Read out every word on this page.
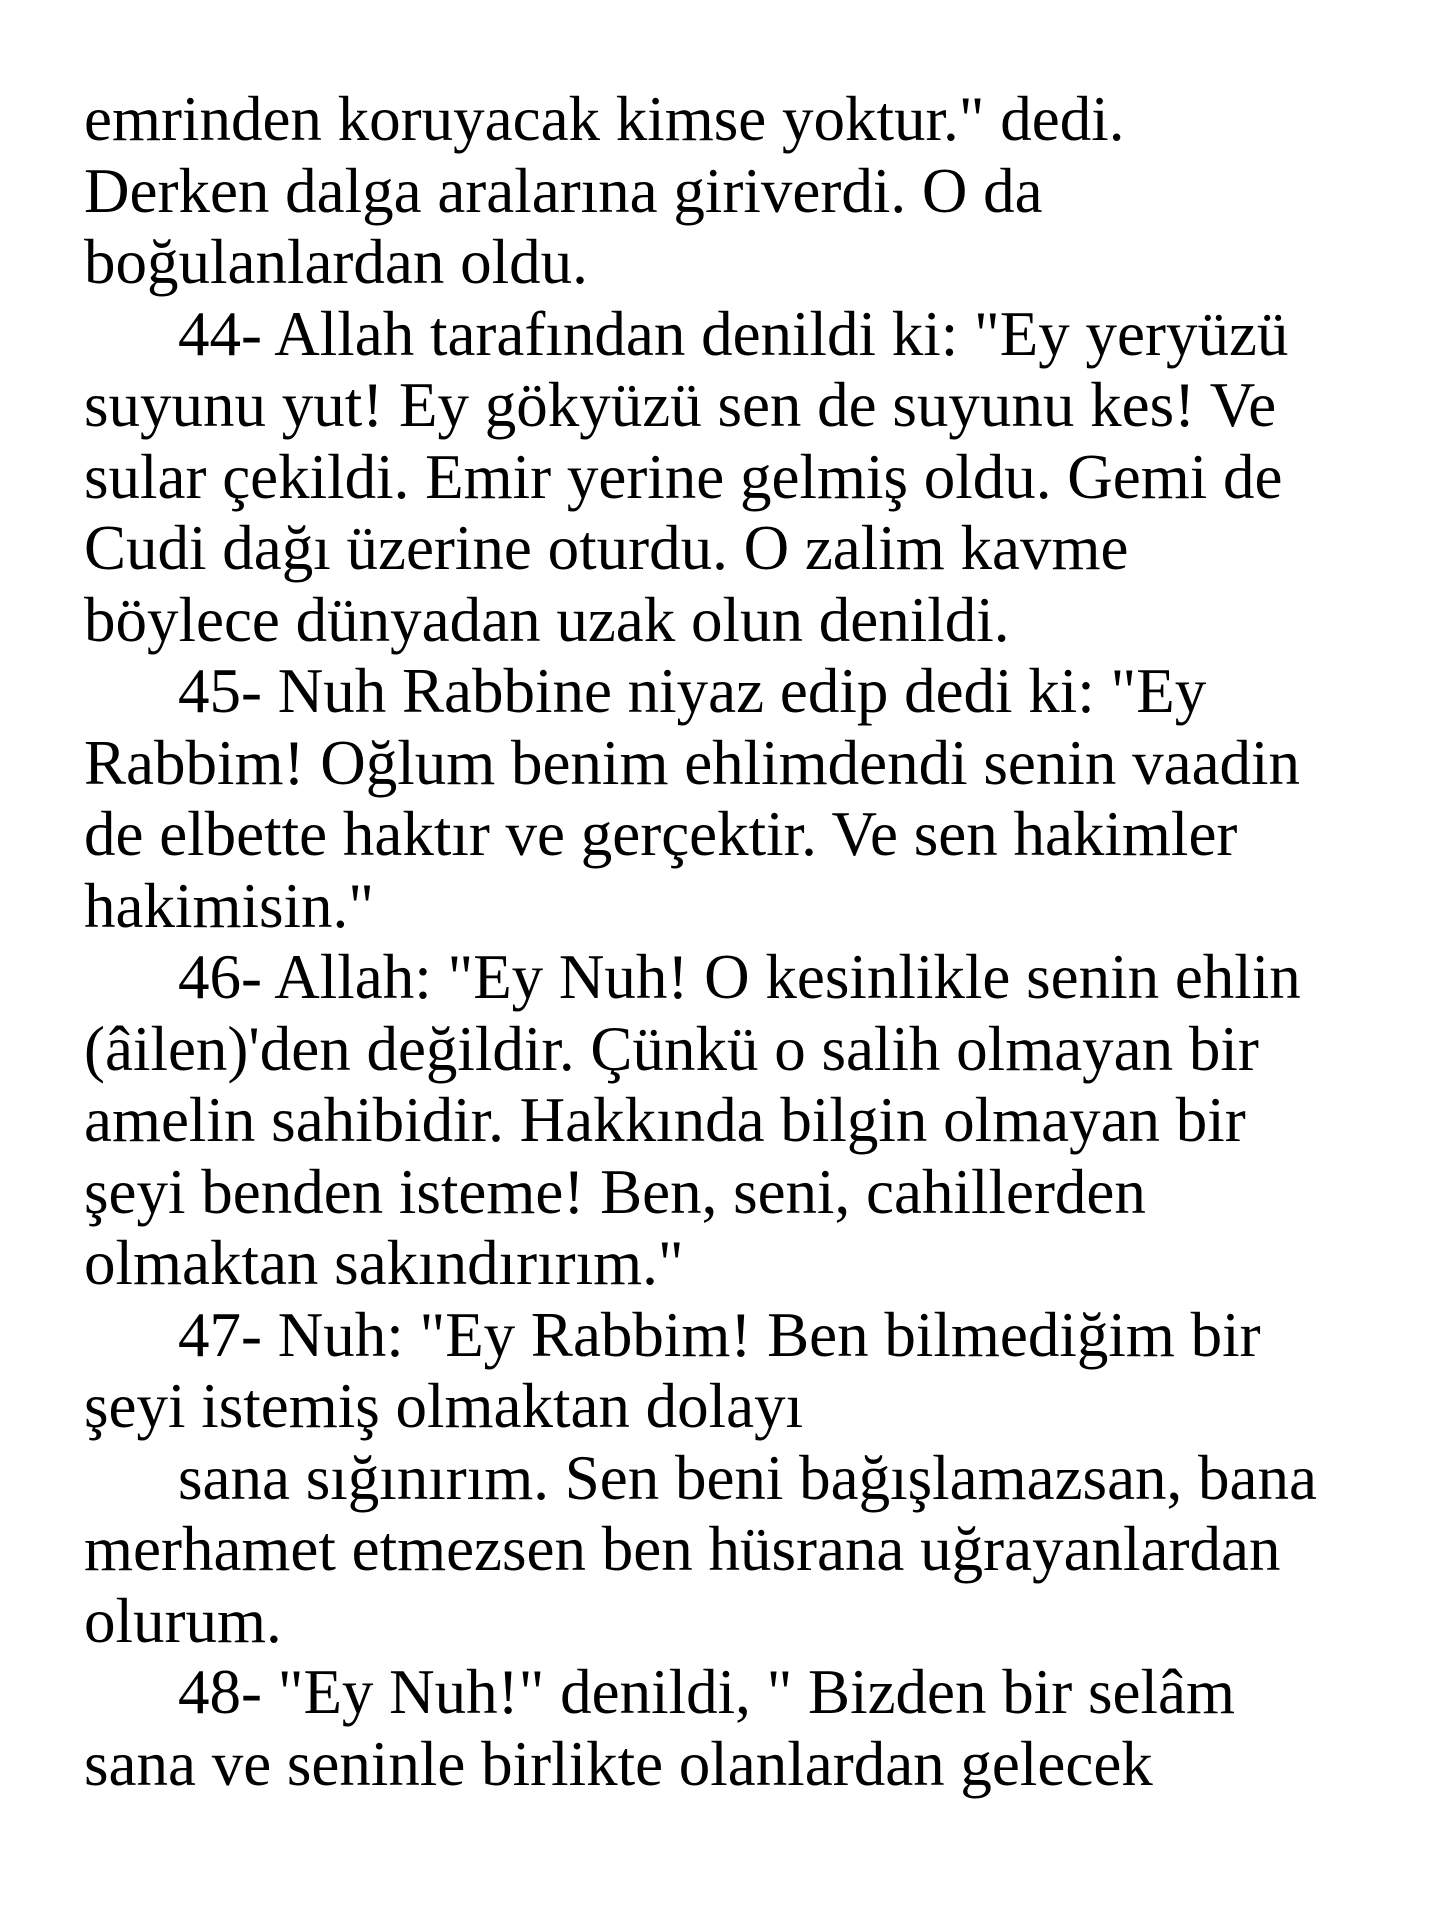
emrinden koruyacak kimse yoktur." dedi.
Derken dalga aralarına giriverdi. O da
boğulanlardan oldu.
44- Allah tarafından denildi ki: "Ey yeryüzü
suyunu yut! Ey gökyüzü sen de suyunu kes! Ve
sular çekildi. Emir yerine gelmiş oldu. Gemi de
Cudi dağı üzerine oturdu. O zalim kavme
böylece dünyadan uzak olun denildi.
45- Nuh Rabbine niyaz edip dedi ki: "Ey
Rabbim! Oğlum benim ehlimdendi senin vaadin
de elbette haktır ve gerçektir. Ve sen hakimler
hakimisin."
46- Allah: "Ey Nuh! O kesinlikle senin ehlin
(âilen)'den değildir. Çünkü o salih olmayan bir
amelin sahibidir. Hakkında bilgin olmayan bir
şeyi benden isteme! Ben, seni, cahillerden
olmaktan sakındırırım."
47- Nuh: "Ey Rabbim! Ben bilmediğim bir
şeyi istemiş olmaktan dolayı
sana sığınırım. Sen beni bağışlamazsan, bana
merhamet etmezsen ben hüsrana uğrayanlardan
olurum.
48- "Ey Nuh!" denildi, " Bizden bir selâm
sana ve seninle birlikte olanlardan gelecek
